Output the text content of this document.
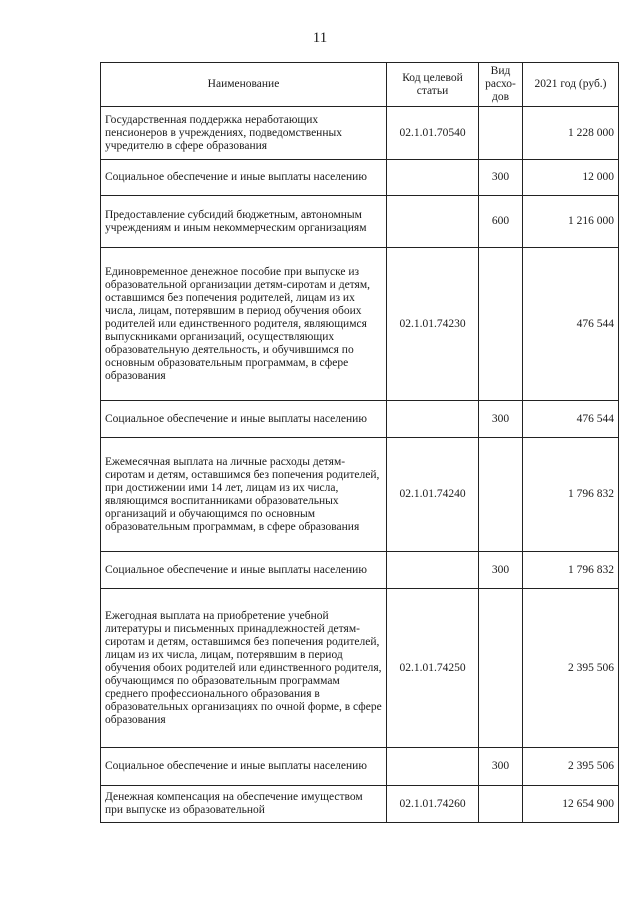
11
Наименование	Код целевой статьи	Вид расхо-дов	2021 год (руб.)
Государственная поддержка неработающих пенсионеров в учреждениях, подведомственных учредителю в сфере образования	02.1.01.70540		1 228 000
Социальное обеспечение и иные выплаты населению		300	12 000
Предоставление субсидий бюджетным, автономным учреждениям и иным некоммерческим организациям		600	1 216 000
Единовременное денежное пособие при выпуске из образовательной организации детям-сиротам и детям, оставшимся без попечения родителей, лицам из их числа, лицам, потерявшим в период обучения обоих родителей или единственного родителя, являющимся выпускниками организаций, осуществляющих образовательную деятельность, и обучившимся по основным образовательным программам, в сфере образования	02.1.01.74230		476 544
Социальное обеспечение и иные выплаты населению		300	476 544
Ежемесячная выплата на личные расходы детям-сиротам и детям, оставшимся без попечения родителей, при достижении ими 14 лет, лицам из их числа, являющимся воспитанниками образовательных организаций и обучающимся по основным образовательным программам, в сфере образования	02.1.01.74240		1 796 832
Социальное обеспечение и иные выплаты населению		300	1 796 832
Ежегодная выплата на приобретение учебной литературы и письменных принадлежностей детям-сиротам и детям, оставшимся без попечения родителей, лицам из их числа, лицам, потерявшим в период обучения обоих родителей или единственного родителя, обучающимся по образовательным программам среднего профессионального образования в образовательных организациях по очной форме, в сфере образования	02.1.01.74250		2 395 506
Социальное обеспечение и иные выплаты населению		300	2 395 506
Денежная компенсация на обеспечение имуществом при выпуске из образовательной	02.1.01.74260		12 654 900
